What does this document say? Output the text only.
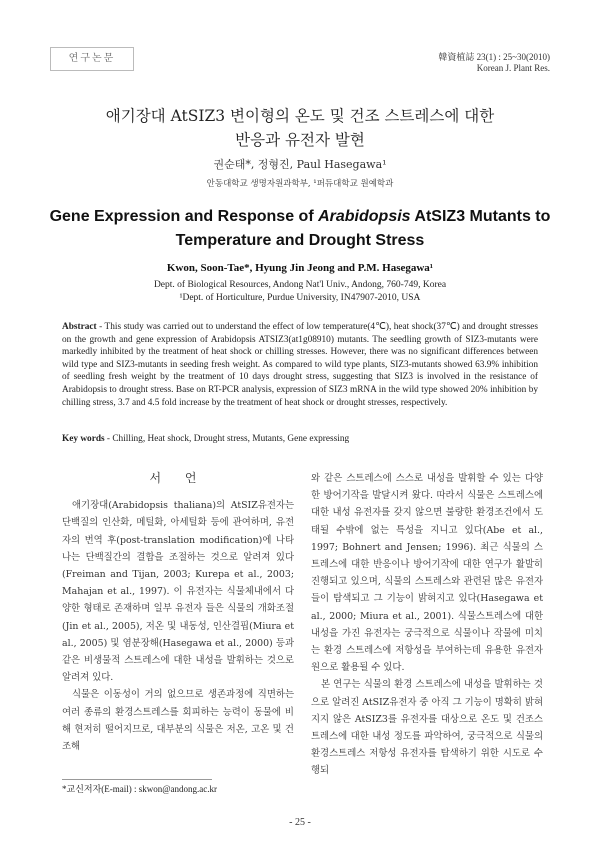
연구논문	韓資植誌 23(1) : 25~30(2010)
Korean J. Plant Res.
애기장대 AtSIZ3 변이형의 온도 및 건조 스트레스에 대한
반응과 유전자 발현
권순태*, 정형진, Paul Hasegawa¹
안동대학교 생명자원과학부, ¹퍼듀대학교 원예학과
Gene Expression and Response of Arabidopsis AtSIZ3 Mutants to Temperature and Drought Stress
Kwon, Soon-Tae*, Hyung Jin Jeong and P.M. Hasegawa¹
Dept. of Biological Resources, Andong Nat'l Univ., Andong, 760-749, Korea
¹Dept. of Horticulture, Purdue University, IN47907-2010, USA
Abstract - This study was carried out to understand the effect of low temperature(4℃), heat shock(37℃) and drought stresses on the growth and gene expression of Arabidopsis ATSIZ3(at1g08910) mutants. The seedling growth of SIZ3-mutants were markedly inhibited by the treatment of heat shock or chilling stresses. However, there was no significant differences between wild type and SIZ3-mutants in seeding fresh weight. As compared to wild type plants, SIZ3-mutants showed 63.9% inhibition of seedling fresh weight by the treatment of 10 days drought stress, suggesting that SIZ3 is involved in the resistance of Arabidopsis to drought stress. Base on RT-PCR analysis, expression of SIZ3 mRNA in the wild type showed 20% inhibition by chilling stress, 3.7 and 4.5 fold increase by the treatment of heat shock or drought stresses, respectively.
Key words - Chilling, Heat shock, Drought stress, Mutants, Gene expressing
서 언

애기장대(Arabidopsis thaliana)의 AtSIZ유전자는 단백질의 인산화, 메틸화, 아세틸화 등에 관여하며, 유전자의 번역 후(post-translation modification)에 나타나는 단백질간의 결합을 조절하는 것으로 알려져 있다 (Freiman and Tijan, 2003; Kurepa et al., 2003; Mahajan et al., 1997). 이 유전자는 식물체내에서 다양한 형태로 존재하며 일부 유전자 들은 식물의 개화조절(Jin et al., 2005), 저온 및 내동성, 인산결핍(Miura et al., 2005) 및 염분장해(Hasegawa et al., 2000) 등과 같은 비생물적 스트레스에 대한 내성을 발휘하는 것으로 알려져 있다.

식물은 이동성이 거의 없으므로 생존과정에 직면하는 여러 종류의 환경스트레스를 회피하는 능력이 동물에 비해 현저히 떨어지므로, 대부분의 식물은 저온, 고온 및 건조해

와 같은 스트레스에 스스로 내성을 발휘할 수 있는 다양한 방어기작을 발달시켜 왔다. 따라서 식물은 스트레스에 대한 내성 유전자를 갖지 않으면 불량한 환경조건에서 도태될 수밖에 없는 특성을 지니고 있다(Abe et al., 1997; Bohnert and Jensen; 1996). 최근 식물의 스트레스에 대한 반응이나 방어기작에 대한 연구가 활발히 진행되고 있으며, 식물의 스트레스와 관련된 많은 유전자들이 탐색되고 그 기능이 밝혀지고 있다(Hasegawa et al., 2000; Miura et al., 2001). 식물스트레스에 대한 내성을 가진 유전자는 궁극적으로 식물이나 작물에 미치는 환경 스트레스에 저항성을 부여하는데 유용한 유전자원으로 활용될 수 있다.

본 연구는 식물의 환경 스트레스에 내성을 발휘하는 것으로 알려진 AtSIZ유전자 중 아직 그 기능이 명확히 밝혀지지 않은 AtSIZ3를 유전자를 대상으로 온도 및 건조스트레스에 대한 내성 정도를 파악하여, 궁극적으로 식물의 환경스트레스 저항성 유전자를 탐색하기 위한 시도로 수행되

*교신저자(E-mail) : skwon@andong.ac.kr
- 25 -
